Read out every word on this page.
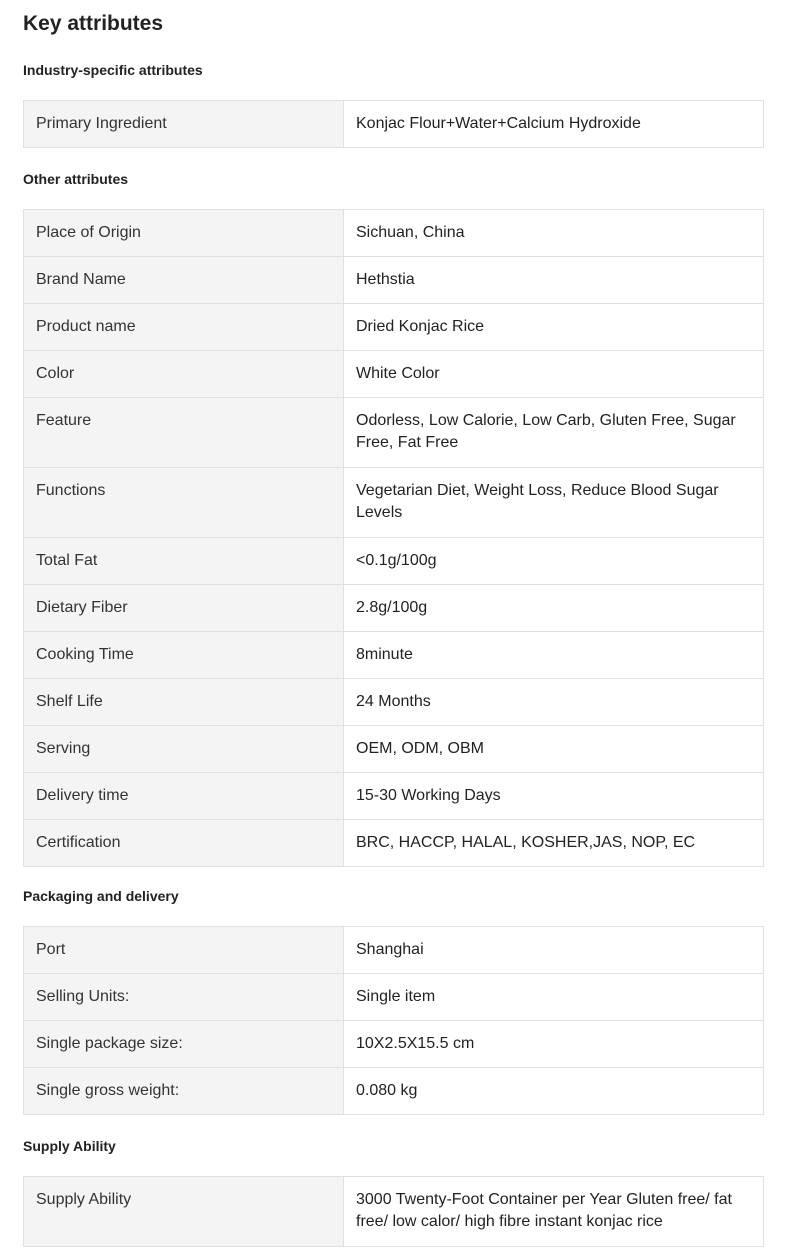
Key attributes
Industry-specific attributes
Primary Ingredient	Konjac Flour+Water+Calcium Hydroxide
Other attributes
Place of Origin	Sichuan, China
Brand Name	Hethstia
Product name	Dried Konjac Rice
Color	White Color
Feature	Odorless, Low Calorie, Low Carb, Gluten Free, Sugar Free, Fat Free
Functions	Vegetarian Diet, Weight Loss, Reduce Blood Sugar Levels
Total Fat	<0.1g/100g
Dietary Fiber	2.8g/100g
Cooking Time	8minute
Shelf Life	24 Months
Serving	OEM, ODM, OBM
Delivery time	15-30 Working Days
Certification	BRC, HACCP, HALAL, KOSHER,JAS, NOP, EC
Packaging and delivery
Port	Shanghai
Selling Units:	Single item
Single package size:	10X2.5X15.5 cm
Single gross weight:	0.080 kg
Supply Ability
Supply Ability	3000 Twenty-Foot Container per Year Gluten free/ fat free/ low calor/ high fibre instant konjac rice
